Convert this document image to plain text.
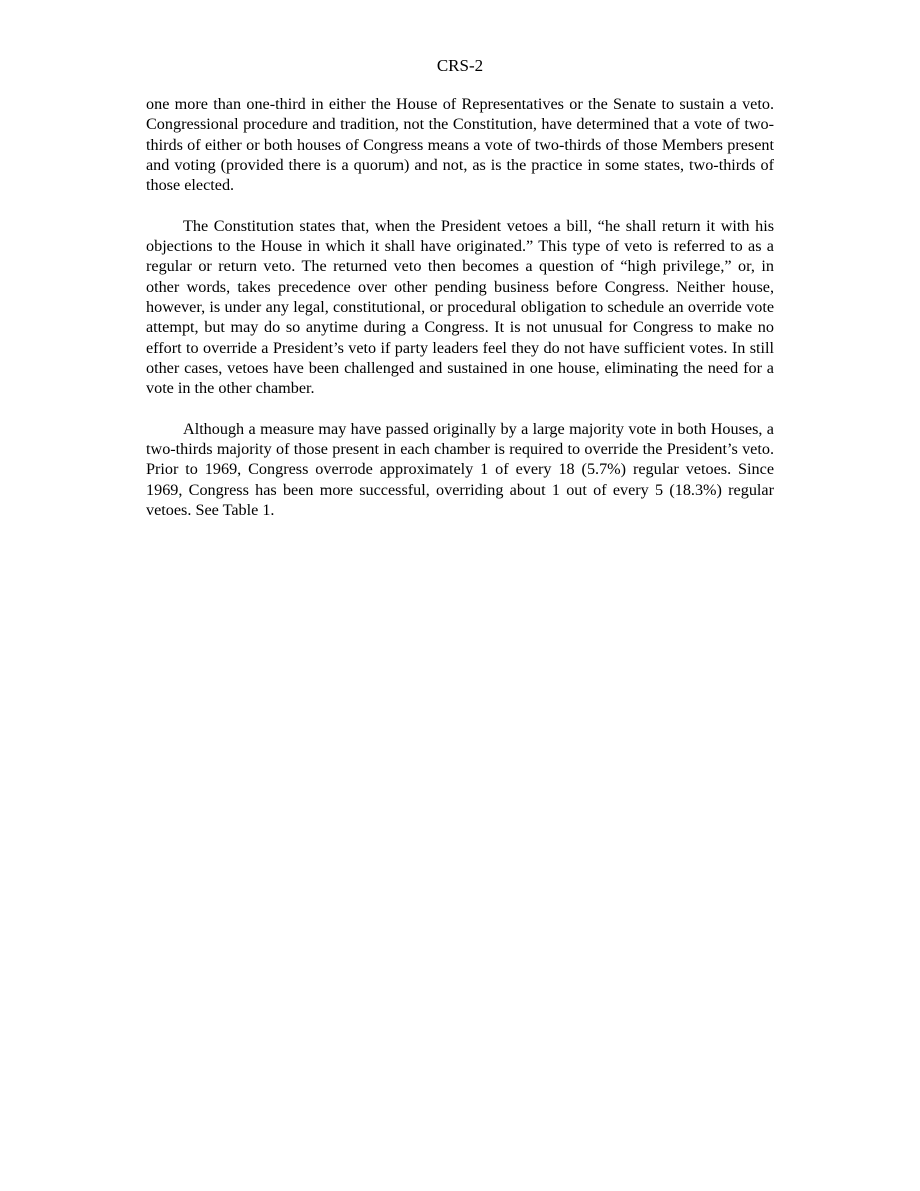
CRS-2

one more than one-third in either the House of Representatives or the Senate to sustain a veto. Congressional procedure and tradition, not the Constitution, have determined that a vote of two-thirds of either or both houses of Congress means a vote of two-thirds of those Members present and voting (provided there is a quorum) and not, as is the practice in some states, two-thirds of those elected.

The Constitution states that, when the President vetoes a bill, “he shall return it with his objections to the House in which it shall have originated.” This type of veto is referred to as a regular or return veto. The returned veto then becomes a question of “high privilege,” or, in other words, takes precedence over other pending business before Congress. Neither house, however, is under any legal, constitutional, or procedural obligation to schedule an override vote attempt, but may do so anytime during a Congress. It is not unusual for Congress to make no effort to override a President’s veto if party leaders feel they do not have sufficient votes. In still other cases, vetoes have been challenged and sustained in one house, eliminating the need for a vote in the other chamber.

Although a measure may have passed originally by a large majority vote in both Houses, a two-thirds majority of those present in each chamber is required to override the President’s veto. Prior to 1969, Congress overrode approximately 1 of every 18 (5.7%) regular vetoes. Since 1969, Congress has been more successful, overriding about 1 out of every 5 (18.3%) regular vetoes. See Table 1.
